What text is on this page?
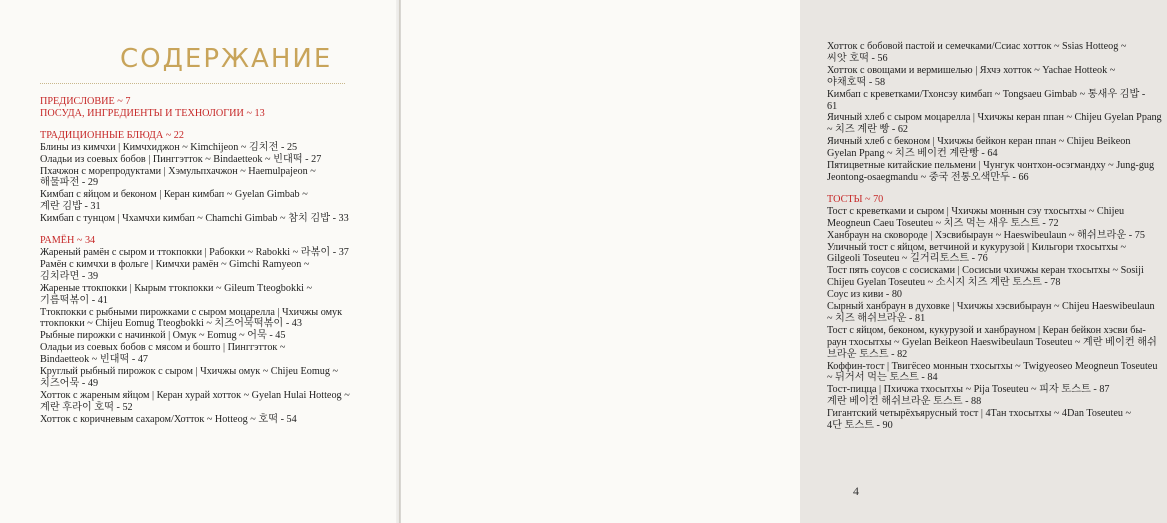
СОДЕРЖАНИЕ
ПРЕДИСЛОВИЕ ~ 7
ПОСУДА, ИНГРЕДИЕНТЫ И ТЕХНОЛОГИИ ~ 13
ТРАДИЦИОННЫЕ БЛЮДА ~ 22
Блины из кимчхи | Кимчхиджон ~ Kimchijeon ~ 김치전 - 25
Оладьи из соевых бобов | Пинггэтток ~ Bindaetteok ~ 빈대떡 - 27
Пхачжон с морепродуктами | Хэмульпхачжон ~ Haemulpajeon ~
해물파전 - 29
Кимбап с яйцом и беконом | Керан кимбап ~ Gyelan Gimbab ~
계란 김밥 - 31
Кимбап с тунцом | Чхамчхи кимбап ~ Chamchi Gimbab ~ 참치 김밥 - 33
РАМЁН ~ 34
Жареный рамён с сыром и ттокпокки | Рабокки ~ Rabokki ~ 라볶이 - 37
Рамён с кимчхи в фольге | Кимчхи рамён ~ Gimchi Ramyeon ~
김치라면 - 39
Жареные ттокпокки | Кырым ттокпокки ~ Gileum Tteogbokki ~
기름떡볶이 - 41
Ттокпокки с рыбными пирожками с сыром моцарелла | Чхичжы омук
ттокпокки ~ Chijeu Eomug Tteogbokki ~ 치즈어묵떡볶이 - 43
Рыбные пирожки с начинкой | Омук ~ Eomug ~ 어묵 - 45
Оладьи из соевых бобов с мясом и бошто | Пинггэтток ~
Bindaetteok ~ 빈대떡 - 47
Круглый рыбный пирожок с сыром | Чхичжы омук ~ Chijeu Eomug ~
치즈어묵 - 49
Хотток с жареным яйцом | Керан хурай хотток ~ Gyelan Hulai Hotteog ~
계란 후라이 호떡 - 52
Хотток с коричневым сахаром/Хотток ~ Hotteog ~ 호떡 - 54
Хотток с бобовой пастой и семечками/Ссиас хотток ~ Ssias Hotteog ~
씨앗 호떡 - 56
Хотток с овощами и вермишелью | Яхчэ хотток ~ Yachae Hotteok ~
야채호떡 - 58
Кимбап с креветками/Тхонсэу кимбап ~ Tongsaeu Gimbab ~ 통새우 김밥 -
61
Яичный хлеб с сыром моцарелла | Чхичжы керан ппан ~ Chijeu Gyelan Ppang
~ 치즈 계란 빵 - 62
Яичный хлеб с беконом | Чхичжы бейкон керан ппан ~ Chijeu Beikeon
Gyelan Ppang ~ 치즈 베이컨 계란빵 - 64
Пятицветные китайские пельмени | Чунгук чонтхон-осэгмандху ~ Jung-gug
Jeontong-osaegmandu ~ 중국 전통오색만두 - 66
ТОСТЫ ~ 70
Тост с креветками и сыром | Чхичжы моннын сэу тхосытхы ~ Chijeu
Meogneun Caeu Toseuteu ~ 치즈 먹는 새우 토스트 - 72
Ханбраун на сковороде | Хэсвибыраун ~ Haeswibeulaun ~ 해쉬브라운 - 75
Уличный тост с яйцом, ветчиной и кукурузой | Кильгори тхосытхы ~
Gilgeoli Toseuteu ~ 길거리토스트 - 76
Тост пять соусов с сосисками | Сосисыи чхичжы керан тхосытхы ~ Sosiji
Chijeu Gyelan Toseuteu ~ 소시지 치즈 계란 토스트 - 78
Соус из киви - 80
Сырный ханбраун в духовке | Чхичжы хэсвибыраун ~ Chijeu Haeswibeulaun
~ 치즈 해쉬브라운 - 81
Тост с яйцом, беконом, кукурузой и ханбрауном | Керан бейкон хэсви бы-
раун тхосытхы ~ Gyelan Beikeon Haeswibeulaun Toseuteu ~ 계란 베이컨 해쉬
브라운 토스트 - 82
Коффин-тост | Твигёсео моннын тхосытхы ~ Twigyeoseo Meogneun Toseuteu
~ 뒤거서 먹는 토스트 - 84
Тост-пицца | Пхичжа тхосытхы ~ Pija Toseuteu ~ 피자 토스트 - 87
계란 베이컨 해쉬브라운 토스트 - 88
Гигантский четырёхъярусный тост | 4Тан тхосытхы ~ 4Dan Toseuteu ~
4단 토스트 - 90
4
